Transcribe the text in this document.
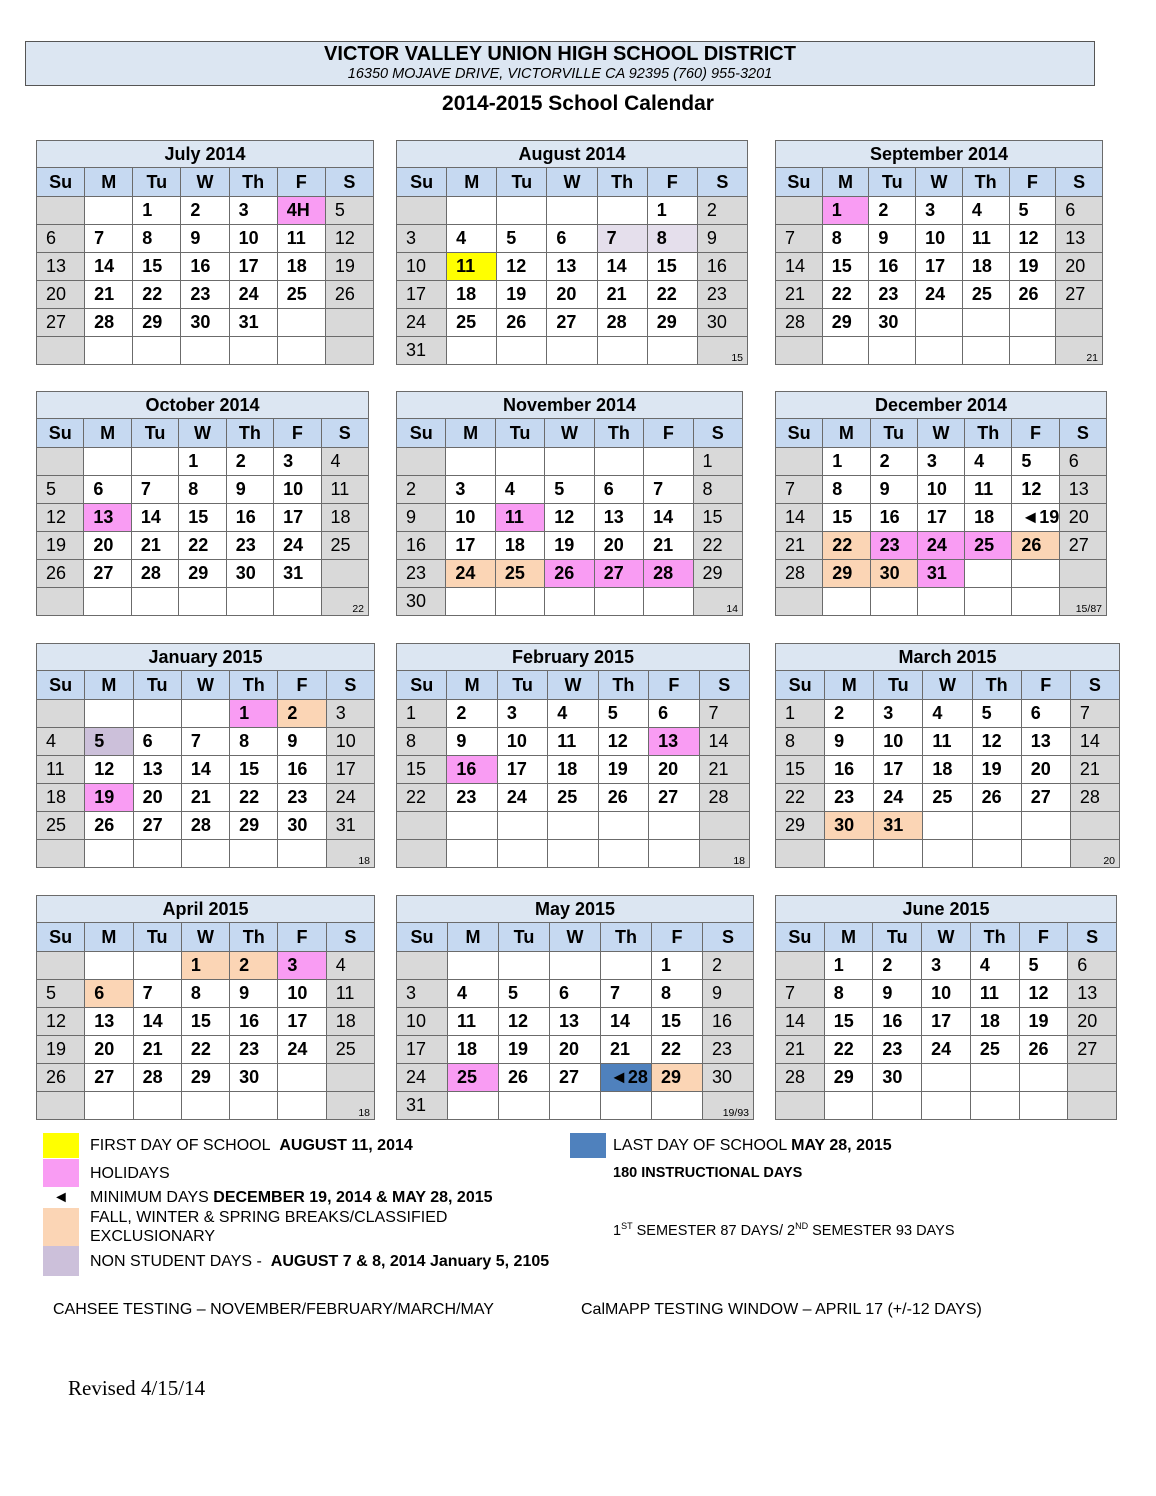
VICTOR VALLEY UNION HIGH SCHOOL DISTRICT
16350 MOJAVE DRIVE, VICTORVILLE CA 92395 (760) 955-3201
2014-2015 School Calendar
July 2014						
Su	M	Tu	W	Th	F	S
		1	2	3	4H	5
6	7	8	9	10	11	12
13	14	15	16	17	18	19
20	21	22	23	24	25	26
27	28	29	30	31		

August 2014						
Su	M	Tu	W	Th	F	S
					1	2
3	4	5	6	7	8	9
10	11	12	13	14	15	16
17	18	19	20	21	22	23
24	25	26	27	28	29	30
31						15
September 2014						
Su	M	Tu	W	Th	F	S
	1	2	3	4	5	6
7	8	9	10	11	12	13
14	15	16	17	18	19	20
21	22	23	24	25	26	27
28	29	30				
						21
October 2014						
Su	M	Tu	W	Th	F	S
			1	2	3	4
5	6	7	8	9	10	11
12	13	14	15	16	17	18
19	20	21	22	23	24	25
26	27	28	29	30	31	
						22
November 2014						
Su	M	Tu	W	Th	F	S
						1
2	3	4	5	6	7	8
9	10	11	12	13	14	15
16	17	18	19	20	21	22
23	24	25	26	27	28	29
30						14
December 2014						
Su	M	Tu	W	Th	F	S
	1	2	3	4	5	6
7	8	9	10	11	12	13
14	15	16	17	18	◄19	20
21	22	23	24	25	26	27
28	29	30	31			
						15/87
January 2015						
Su	M	Tu	W	Th	F	S
				1	2	3
4	5	6	7	8	9	10
11	12	13	14	15	16	17
18	19	20	21	22	23	24
25	26	27	28	29	30	31
						18
February 2015						
Su	M	Tu	W	Th	F	S
1	2	3	4	5	6	7
8	9	10	11	12	13	14
15	16	17	18	19	20	21
22	23	24	25	26	27	28

						18
March 2015						
Su	M	Tu	W	Th	F	S
1	2	3	4	5	6	7
8	9	10	11	12	13	14
15	16	17	18	19	20	21
22	23	24	25	26	27	28
29	30	31				
						20
April 2015						
Su	M	Tu	W	Th	F	S
			1	2	3	4
5	6	7	8	9	10	11
12	13	14	15	16	17	18
19	20	21	22	23	24	25
26	27	28	29	30		
						18
May 2015						
Su	M	Tu	W	Th	F	S
					1	2
3	4	5	6	7	8	9
10	11	12	13	14	15	16
17	18	19	20	21	22	23
24	25	26	27	◄28	29	30
31						19/93
June 2015						
Su	M	Tu	W	Th	F	S
	1	2	3	4	5	6
7	8	9	10	11	12	13
14	15	16	17	18	19	20
21	22	23	24	25	26	27
28	29	30				

FIRST DAY OF SCHOOL AUGUST 11, 2014
HOLIDAYS
◄ MINIMUM DAYS DECEMBER 19, 2014 & MAY 28, 2015
FALL, WINTER & SPRING BREAKS/CLASSIFIED
EXCLUSIONARY
NON STUDENT DAYS - AUGUST 7 & 8, 2014 January 5, 2105
LAST DAY OF SCHOOL MAY 28, 2015
180 INSTRUCTIONAL DAYS
1ST SEMESTER 87 DAYS/ 2ND SEMESTER 93 DAYS
CAHSEE TESTING – NOVEMBER/FEBRUARY/MARCH/MAY	CalMAPP TESTING WINDOW – APRIL 17 (+/-12 DAYS)
Revised 4/15/14
